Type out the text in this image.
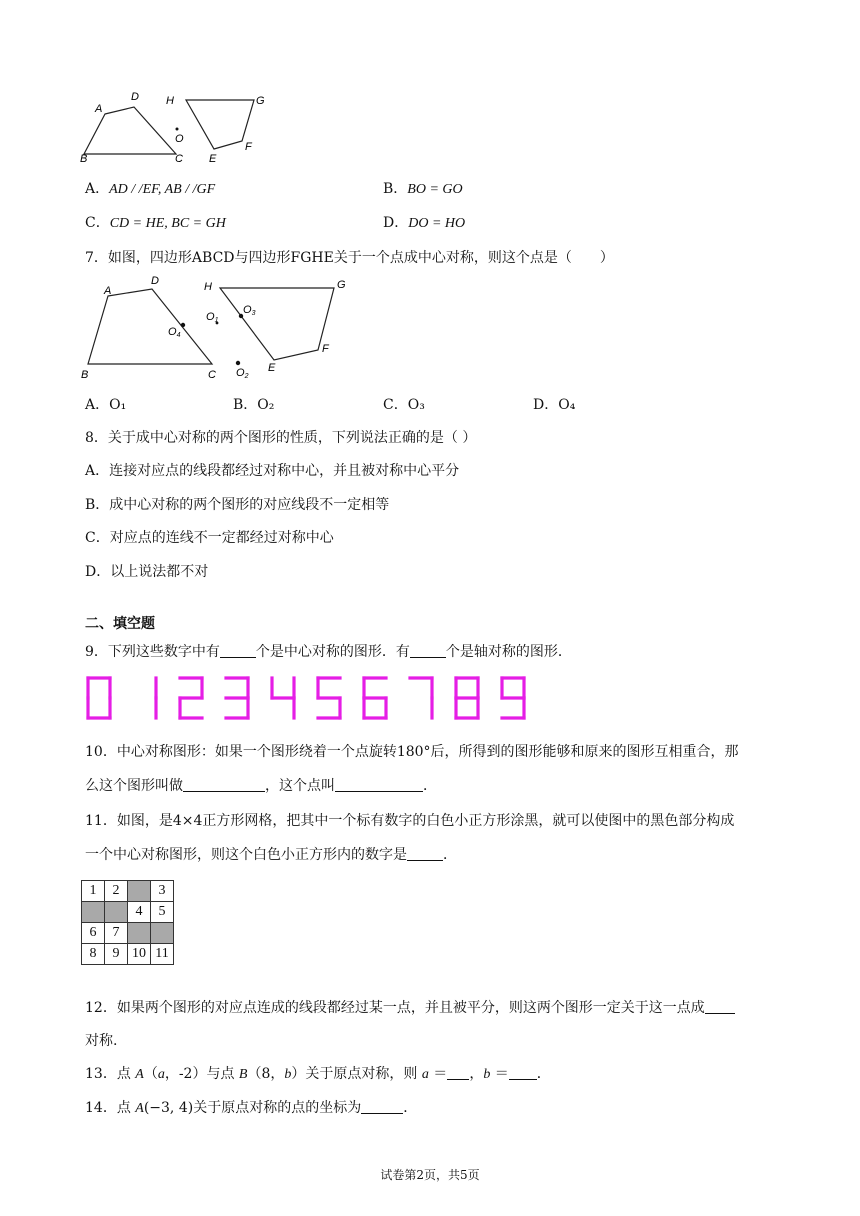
A
D
O
B	C
H	G
E
F
A．AD / /EF, AB / /GF	B．BO = GO
C．CD = HE, BC = GH	D．DO = HO
7．如图，四边形ABCD与四边形FGHE关于一个点成中心对称，则这个点是（　　）
A
D
B	C
H	G
E
F
O4
O3
O1
O2
A．O₁	B．O₂	C．O₃	D．O₄
8．关于成中心对称的两个图形的性质，下列说法正确的是（ ）
A．连接对应点的线段都经过对称中心，并且被对称中心平分
B．成中心对称的两个图形的对应线段不一定相等
C．对应点的连线不一定都经过对称中心
D．以上说法都不对
二、填空题
9．下列这些数字中有	个是中心对称的图形．有	个是轴对称的图形．
10．中心对称图形：如果一个图形绕着一个点旋转180°后，所得到的图形能够和原来的图形互相重合，那
么这个图形叫做	，这个点叫	．
11．如图，是4×4正方形网格，把其中一个标有数字的白色小正方形涂黑，就可以使图中的黑色部分构成
一个中心对称图形，则这个白色小正方形内的数字是	．
1	2		3
		4	5
6	7		
8	9	10	11
12．如果两个图形的对应点连成的线段都经过某一点，并且被平分，则这两个图形一定关于这一点成
对称.
13．点 A（a，-2）与点 B（8，b）关于原点对称，则 a ＝ ，b ＝ ．
14．点 A(−3, 4)关于原点对称的点的坐标为	．
试卷第2页，共5页
